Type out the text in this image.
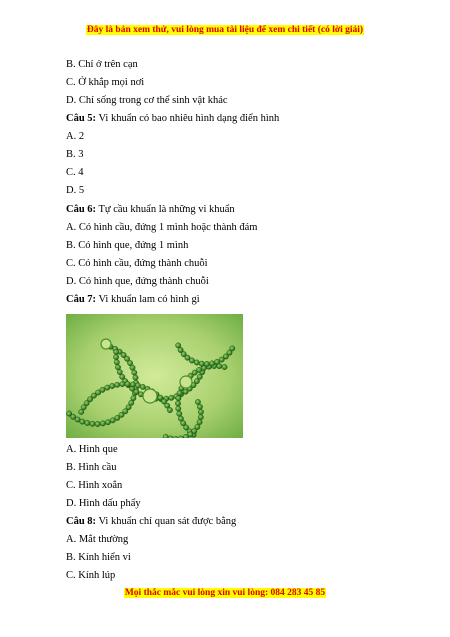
Đây là bản xem thử, vui lòng mua tài liệu để xem chi tiết (có lời giải)
B. Chỉ ở trên cạn
C. Ở khắp mọi nơi
D. Chỉ sống trong cơ thể sinh vật khác
Câu 5: Vi khuẩn có bao nhiêu hình dạng điển hình
A. 2
B. 3
C. 4
D. 5
Câu 6: Tự cầu khuẩn là những vi khuẩn
A. Có hình cầu, đứng 1 mình hoặc thành đám
B. Có hình que, đứng 1 mình
C. Có hình cầu, đứng thành chuỗi
D. Có hình que, đứng thành chuỗi
Câu 7: Vi khuẩn lam có hình gì
A. Hình que
B. Hình cầu
C. Hình xoắn
D. Hình dấu phẩy
Câu 8: Vi khuẩn chỉ quan sát được bằng
A. Mắt thường
B. Kính hiển vi
C. Kính lúp
Mọi thắc mắc vui lòng xin vui lòng: 084 283 45 85
